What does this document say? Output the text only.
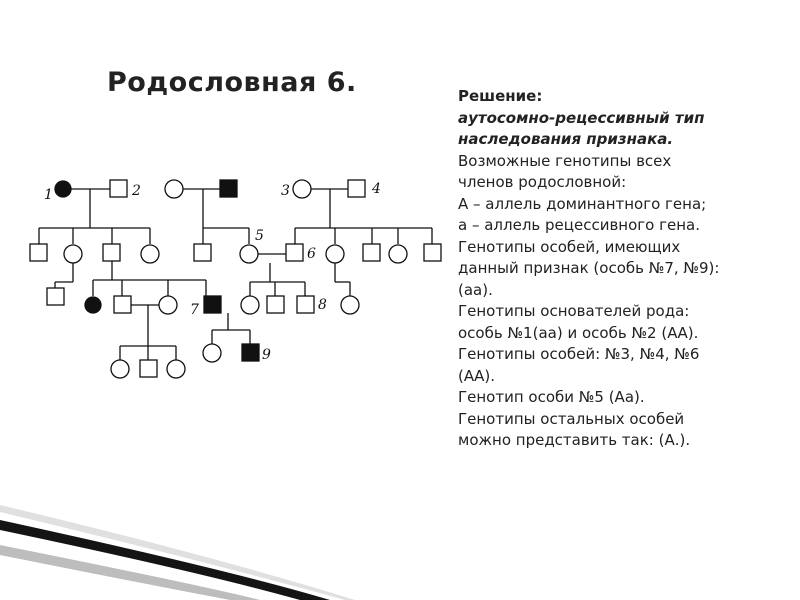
Родословная 6.
1	2	3	4
5
6
7	8
9
Решение:
аутосомно-рецессивный тип
наследования признака.
Возможные генотипы всех
членов родословной:
А – аллель доминантного гена;
а – аллель рецессивного гена.
Генотипы особей, имеющих
данный признак (особь №7, №9):
(аа).
Генотипы основателей рода:
особь №1(аа) и особь №2 (АА).
Генотипы особей: №3, №4, №6
(АА).
Генотип особи №5 (Аа).
Генотипы остальных особей
можно представить так: (А.).
